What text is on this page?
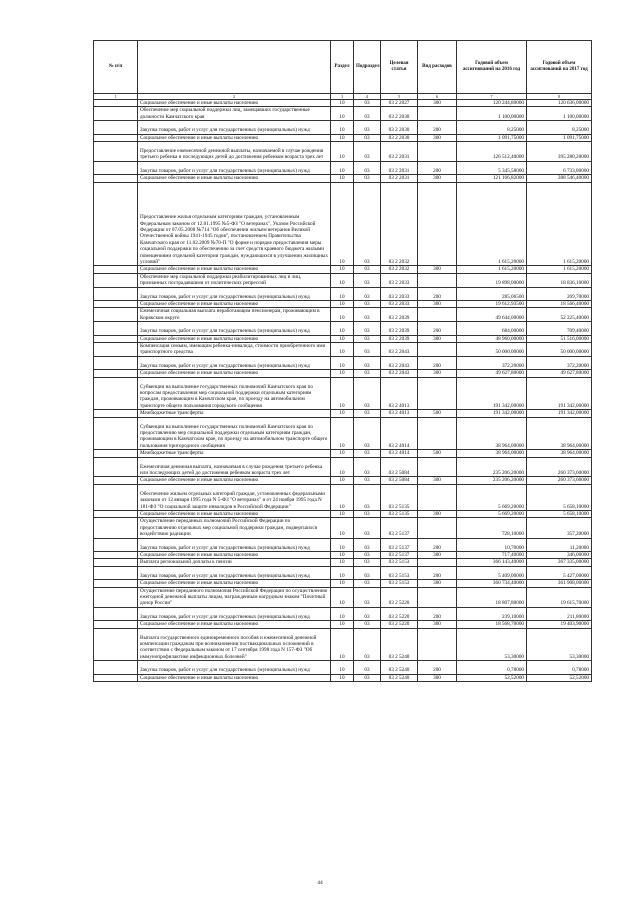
№ п/п		Раздел	Подраздел	Целевая статья	Вид расходов	Годовой объем ассигнований на 2016 год	Годовой объем ассигнований на 2017 год
1	2	3	4	5	6	7	8
	Социальное обеспечение и иные выплаты населению	10	03	03 2 2027	300	120 244,80000	120 636,00000
	Обеспечение мер социальной поддержки лиц, замещавших государственные должности Камчатского края	10	03	03 2 2030		1 100,00000	1 100,00000
	Закупка товаров, работ и услуг для государственных (муниципальных) нужд	10	03	03 2 2030	200	8,25000	8,25000
	Социальное обеспечение и иные выплаты населению	10	03	03 2 2030	300	1 091,75000	1 091,75000
	Предоставление ежемесячной денежной выплаты, назначаемой в случае рождения третьего ребенка и последующих детей до достижения ребенком возраста трех лет	10	03	03 2 2031		126 512,40000	395 280,20000
	Закупка товаров, работ и услуг для государственных (муниципальных) нужд	10	03	03 2 2031	200	5 345,58000	6 733,80000
	Социальное обеспечение и иные выплаты населению	10	03	03 2 2031	300	121 166,82000	388 546,40000
	Предоставление жилья отдельным категориям граждан, установленным Федеральным законом от 12.01.1995 №5-ФЗ "О ветеранах", Указом Российской Федерации от 07.05.2008 №714 "Об обеспечении жильем ветеранов Великой Отечественной войны 1941-1945 годов", постановлением Правительства Камчатского края от 11.02.2009 №70-П "О форме и порядке предоставления меры социальной поддержки по обеспечению за счет средств краевого бюджета жилыми помещениями отдельной категории граждан, нуждающихся в улучшении жилищных условий"	10	03	03 2 2032		1 615,20000	1 615,20000
	Социальное обеспечение и иные выплаты населению	10	03	03 2 2032	300	1 615,20000	1 615,20000
	Обеспечение мер социальной поддержки реабилитированных лиц и лиц, признанных пострадавшими от политических репрессий	10	03	03 2 2033		19 898,00000	18 836,10000
	Закупка товаров, работ и услуг для государственных (муниципальных) нужд	10	03	03 2 2033	200	285,06500	269,70000
	Социальное обеспечение и иные выплаты населению	10	03	03 2 2033	300	19 612,93500	18 566,40000
	Ежемесячная социальная выплата неработающим пенсионерам, проживающим в Корякском округе	10	03	03 2 2039		49 644,00000	52 225,40000
	Закупка товаров, работ и услуг для государственных (муниципальных) нужд	10	03	03 2 2039	200	684,00000	709,40000
	Социальное обеспечение и иные выплаты населению	10	03	03 2 2039	300	48 960,00000	51 516,00000
	Компенсация семьям, имеющим ребенка-инвалида, стоимости приобретенного ими транспортного средства	10	03	03 2 2043		50 000,00000	50 000,00000
	Закупка товаров, работ и услуг для государственных (муниципальных) нужд	10	03	03 2 2043	200	372,20000	372,20000
	Социальное обеспечение и иные выплаты населению	10	03	03 2 2043	300	49 627,80000	49 627,80000
	Субвенции на выполнение государственных полномочий Камчатского края по вопросам предоставления мер социальной поддержки отдельным категориям граждан, проживающим в Камчатском крае, по проезду на автомобильном транспорте общего пользования городского сообщения	10	03	03 2 4013		191 342,00000	191 342,00000
	Межбюджетные трансферты	10	03	03 2 4013	500	191 342,00000	191 342,00000
	Субвенции на выполнение государственных полномочий Камчатского края по предоставлению мер социальной поддержки отдельным категориям граждан, проживающим в Камчатском крае, по проезду на автомобильном транспорте общего пользования пригородного сообщения	10	03	03 2 4014		38 964,00000	38 964,00000
	Межбюджетные трансферты	10	03	03 2 4014	500	38 964,00000	38 964,00000
	Ежемесячная денежная выплата, назначаемая в случае рождения третьего ребенка или последующих детей до достижения ребенком возраста трех лет	10	03	03 2 5084		235 206,20000	260 373,60000
	Социальное обеспечение и иные выплаты населению	10	03	03 2 5084	300	235 206,20000	260 373,60000
	Обеспечение жильем отдельных категорий граждан, установленных федеральными законами от 12 января 1995 года N 5-ФЗ "О ветеранах" и от 24 ноября 1995 года N 181-ФЗ "О социальной защите инвалидов в Российской Федерации"	10	03	03 2 5135		5 669,20000	5 658,10000
	Социальное обеспечение и иные выплаты населению	10	03	03 2 5135	300	5 669,20000	5 658,10000
	Осуществление переданных полномочий Российской Федерации по предоставлению отдельных мер социальной поддержки граждан, подвергшихся воздействию радиации	10	03	03 2 5137		728,10000	357,20000
	Закупка товаров, работ и услуг для государственных (муниципальных) нужд	10	03	03 2 5137	200	10,70000	11,20000
	Социальное обеспечение и иные выплаты населению	10	03	03 2 5137	300	717,40000	346,00000
	Выплата региональной доплаты к пенсии	10	03	03 2 5153		366 143,40000	367 335,00000
	Закупка товаров, работ и услуг для государственных (муниципальных) нужд	10	03	03 2 5153	200	5 409,00000	5 427,00000
	Социальное обеспечение и иные выплаты населению	10	03	03 2 5153	300	360 734,40000	361 908,00000
	Осуществление переданного полномочия Российской Федерации по осуществлению ежегодной денежной выплаты лицам, награжденным нагрудным знаком "Почетный донор России"	10	03	03 2 5220		18 807,80000	19 615,70000
	Закупка товаров, работ и услуг для государственных (муниципальных) нужд	10	03	03 2 5220	200	239,10000	211,80000
	Социальное обеспечение и иные выплаты населению	10	03	03 2 5220	300	18 568,70000	19 403,90000
	Выплата государственного единовременного пособия и ежемесячной денежной компенсации гражданам при возникновении поствакцинальных осложнений в соответствии с Федеральным законом от 17 сентября 1998 года N 157-ФЗ "Об иммунопрофилактике инфекционных болезней"	10	03	03 2 5240		53,30000	53,30000
	Закупка товаров, работ и услуг для государственных (муниципальных) нужд	10	03	03 2 5240	200	0,78000	0,78000
	Социальное обеспечение и иные выплаты населению	10	03	03 2 5240	300	52,52000	52,52000
44
